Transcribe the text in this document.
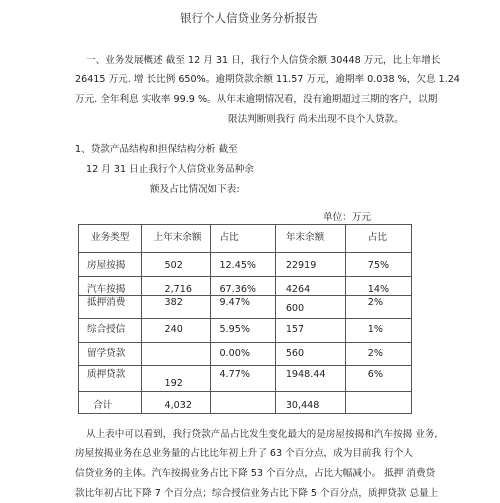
银行个人信贷业务分析报告
一、业务发展概述 截至 12 月 31 日，我行个人信贷余额 30448 万元，比上年增长
26415 万元. 增 长比例 650%。逾期贷款余额 11.57 万元，逾期率 0.038 %，欠息 1.24
万元. 全年利息 实收率 99.9 %。从年末逾期情况看，没有逾期超过三期的客户，以期
限法判断则我行 尚未出现不良个人贷款。
1、贷款产品结构和担保结构分析 截至
12 月 31 日止我行个人信贷业务品种余
额及占比情况如下表:
单位：万元
业务类型	上年末余额	占比	年末余额	占比

房屋按揭	502	12.45%	22919	75%

汽车按揭	2,716	67.36%	4264	14%

抵押消费	382	9.47%	600	2%

综合授信	240	5.95%	157	1%

留学贷款		0.00%	560	2%

质押贷款	192	4.77%	1948.44	6%

合计	4,032		30,448	

从上表中可以看到，我行贷款产品占比发生变化最大的是房屋按揭和汽车按揭 业务,
房屋按揭业务在总业务量的占比比年初上升了 63 个百分点，成为目前我 行个人
信贷业务的主体。汽车按揭业务占比下降 53 个百分点，占比大幅减小。 抵押 消费贷
款比年初占比下降 7 个百分点；综合授信业务占比下降 5 个百分点，质押贷款 总量上
